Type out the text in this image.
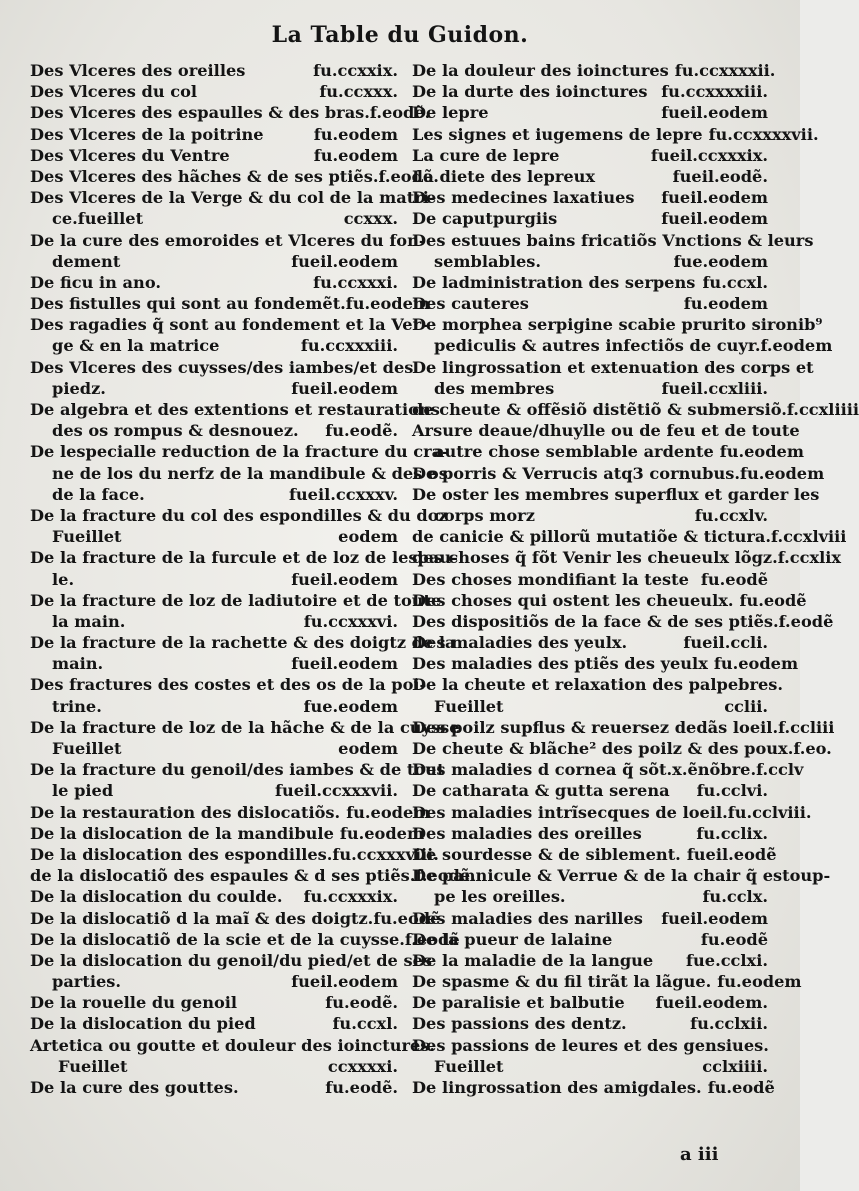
La Table du Guidon.
Des Vlceres des oreilles	fu.ccxxix.
Des Vlceres du col	fu.ccxxx.
Des Vlceres des espaulles & des bras.f.eodẽ.
Des Vlceres de la poitrine	fu.eodem
Des Vlceres du Ventre	fu.eodem
Des Vlceres des hãches & de ses ptiẽs.f.eodẽ.
Des Vlceres de la Verge & du col de la matri-
ce.fueillet	ccxxx.
De la cure des emoroides et Vlceres du fon-
dement	fueil.eodem
De ficu in ano.	fu.ccxxxi.
Des fistulles qui sont au fondemẽt.fu.eodem
Des ragadies q̃ sont au fondement et la Ver-
ge & en la matrice	fu.ccxxxiii.
Des Vlceres des cuysses/des iambes/et des
piedz.	fueil.eodem
De algebra et des extentions et restaurations
des os rompus & desnouez.	fu.eodẽ.
De lespecialle reduction de la fracture du cra-
ne de los du nerfz de la mandibule & des os
de la face.	fueil.ccxxxv.
De la fracture du col des espondilles & du doz
Fueillet	eodem
De la fracture de la furcule et de loz de lespau-
le.	fueil.eodem
De la fracture de loz de ladiutoire et de toute
la main.	fu.ccxxxvi.
De la fracture de la rachette & des doigtz de la
main.	fueil.eodem
Des fractures des costes et des os de la poi-
trine.	fue.eodem
De la fracture de loz de la hãche & de la cuysse
Fueillet	eodem
De la fracture du genoil/des iambes & de tout
le pied	fueil.ccxxxvii.
De la restauration des dislocatiõs. fu.eodem
De la dislocation de la mandibule fu.eodem
De la dislocation des espondilles.fu.ccxxxviii.
de la dislocatiõ des espaules & d ses ptiẽs.f.eodẽ.
De la dislocation du coulde.	fu.ccxxxix.
De la dislocatiõ d la maĩ & des doigtz.fu.eodẽ
De la dislocatiõ de la scie et de la cuysse.f.eodẽ
De la dislocation du genoil/du pied/et de ses
parties.	fueil.eodem
De la rouelle du genoil	fu.eodẽ.
De la dislocation du pied	fu.ccxl.
Artetica ou goutte et douleur des ioinctures.
Fueillet	ccxxxxi.
De la cure des gouttes.	fu.eodẽ.
De la douleur des ioinctures fu.ccxxxxii.
De la durte des ioinctures fu.ccxxxxiii.
De lepre	fueil.eodem
Les signes et iugemens de lepre fu.ccxxxxvii.
La cure de lepre	fueil.ccxxxix.
La diete des lepreux	fueil.eodẽ.
Des medecines laxatiues	fueil.eodem
De caputpurgiis	fueil.eodem
Des estuues bains fricatiõs Vnctions & leurs
semblables.	fue.eodem
De ladministration des serpens fu.ccxl.
Des cauteres	fu.eodem
De morphea serpigine scabie prurito sironib⁹
pediculis & autres infectiõs de cuyr.f.eodem
De lingrossation et extenuation des corps et
des membres	fueil.ccxliii.
de cheute & offẽsiõ distẽtiõ & submersiõ.f.ccxliiii
Arsure deaue/dhuylle ou de feu et de toute
autre chose semblable ardente fu.eodem
De porris & Verrucis atq3 cornubus.fu.eodem
De oster les membres superflux et garder les
corps morz	fu.ccxlv.
de canicie & pillorũ mutatiõe & tictura.f.ccxlviii
des choses q̃ fõt Venir les cheueulx lõgz.f.ccxlix
Des choses mondifiant la teste fu.eodẽ
Des choses qui ostent les cheueulx. fu.eodẽ
Des dispositiõs de la face & de ses ptiẽs.f.eodẽ
Des maladies des yeulx.	fueil.ccli.
Des maladies des ptiẽs des yeulx fu.eodem
De la cheute et relaxation des palpebres.
Fueillet	cclii.
Des poilz supflus & reuersez dedãs loeil.f.ccliii
De cheute & blãche² des poilz & des poux.f.eo.
Des maladies d cornea q̃ sõt.x.ẽnõbre.f.cclv
De catharata & gutta serena	fu.cclvi.
Des maladies intrĩsecques de loeil.fu.cclviii.
Des maladies des oreilles	fu.cclix.
De sourdesse & de siblement. fueil.eodẽ
De pannicule & Verrue & de la chair q̃ estoup-
pe les oreilles.	fu.cclx.
Des maladies des narilles	fueil.eodem
De la pueur de lalaine	fu.eodẽ
De la maladie de la langue	fue.cclxi.
De spasme & du fil tirãt la lãgue. fu.eodem
De paralisie et balbutie	fueil.eodem.
Des passions des dentz.	fu.cclxii.
Des passions de leures et des gensiues.
Fueillet	cclxiiii.
De lingrossation des amigdales. fu.eodẽ
a iii
